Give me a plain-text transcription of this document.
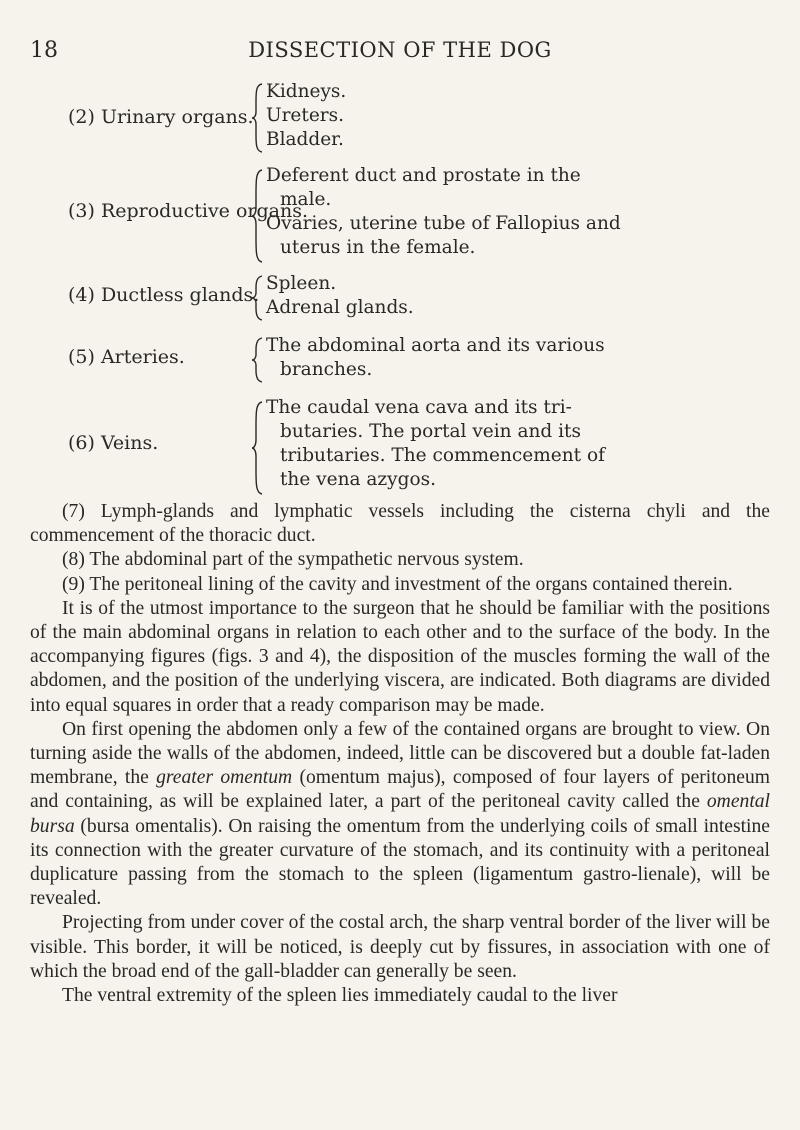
18	DISSECTION OF THE DOG
(2) Urinary organs.
Kidneys.
Ureters.
Bladder.
(3) Reproductive organs.
Deferent duct and prostate in the
male.
Ovaries, uterine tube of Fallopius and
uterus in the female.
(4) Ductless glands.
Spleen.
Adrenal glands.
(5) Arteries.
The abdominal aorta and its various
branches.
(6) Veins.
The caudal vena cava and its tri-
butaries. The portal vein and its
tributaries. The commencement of
the vena azygos.

(7) Lymph-glands and lymphatic vessels including the cisterna chyli and the commencement of the thoracic duct.

(8) The abdominal part of the sympathetic nervous system.

(9) The peritoneal lining of the cavity and investment of the organs contained therein.

It is of the utmost importance to the surgeon that he should be familiar with the positions of the main abdominal organs in relation to each other and to the surface of the body. In the accompanying figures (figs. 3 and 4), the disposition of the muscles forming the wall of the abdomen, and the position of the underlying viscera, are indicated. Both diagrams are divided into equal squares in order that a ready comparison may be made.

On first opening the abdomen only a few of the contained organs are brought to view. On turning aside the walls of the abdomen, indeed, little can be discovered but a double fat-laden membrane, the greater omentum (omentum majus), composed of four layers of peritoneum and containing, as will be explained later, a part of the peritoneal cavity called the omental bursa (bursa omentalis). On raising the omentum from the underlying coils of small intestine its connection with the greater curvature of the stomach, and its continuity with a peritoneal duplicature passing from the stomach to the spleen (ligamentum gastro-lienale), will be revealed.

Projecting from under cover of the costal arch, the sharp ventral border of the liver will be visible. This border, it will be noticed, is deeply cut by fissures, in association with one of which the broad end of the gall-bladder can generally be seen.

The ventral extremity of the spleen lies immediately caudal to the liver
